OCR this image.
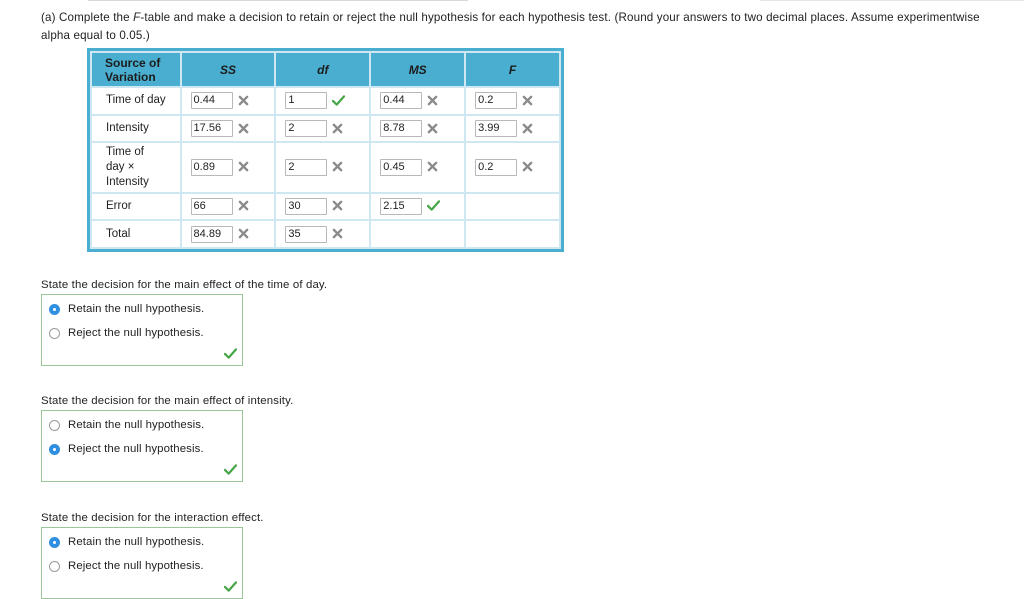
(a) Complete the F-table and make a decision to retain or reject the null hypothesis for each hypothesis test. (Round your answers to two decimal places. Assume experimentwise alpha equal to 0.05.)
Source of Variation	SS	df	MS	F
Time of day	0.44	1	0.44	0.2
Intensity	17.56	2	8.78	3.99

Time of
day ×
Intensity	0.89	2	0.45	0.2
Error	66	30	2.15	
Total	84.89	35		
State the decision for the main effect of the time of day.
Retain the null hypothesis.
Reject the null hypothesis.
State the decision for the main effect of intensity.
Retain the null hypothesis.
Reject the null hypothesis.
State the decision for the interaction effect.
Retain the null hypothesis.
Reject the null hypothesis.
